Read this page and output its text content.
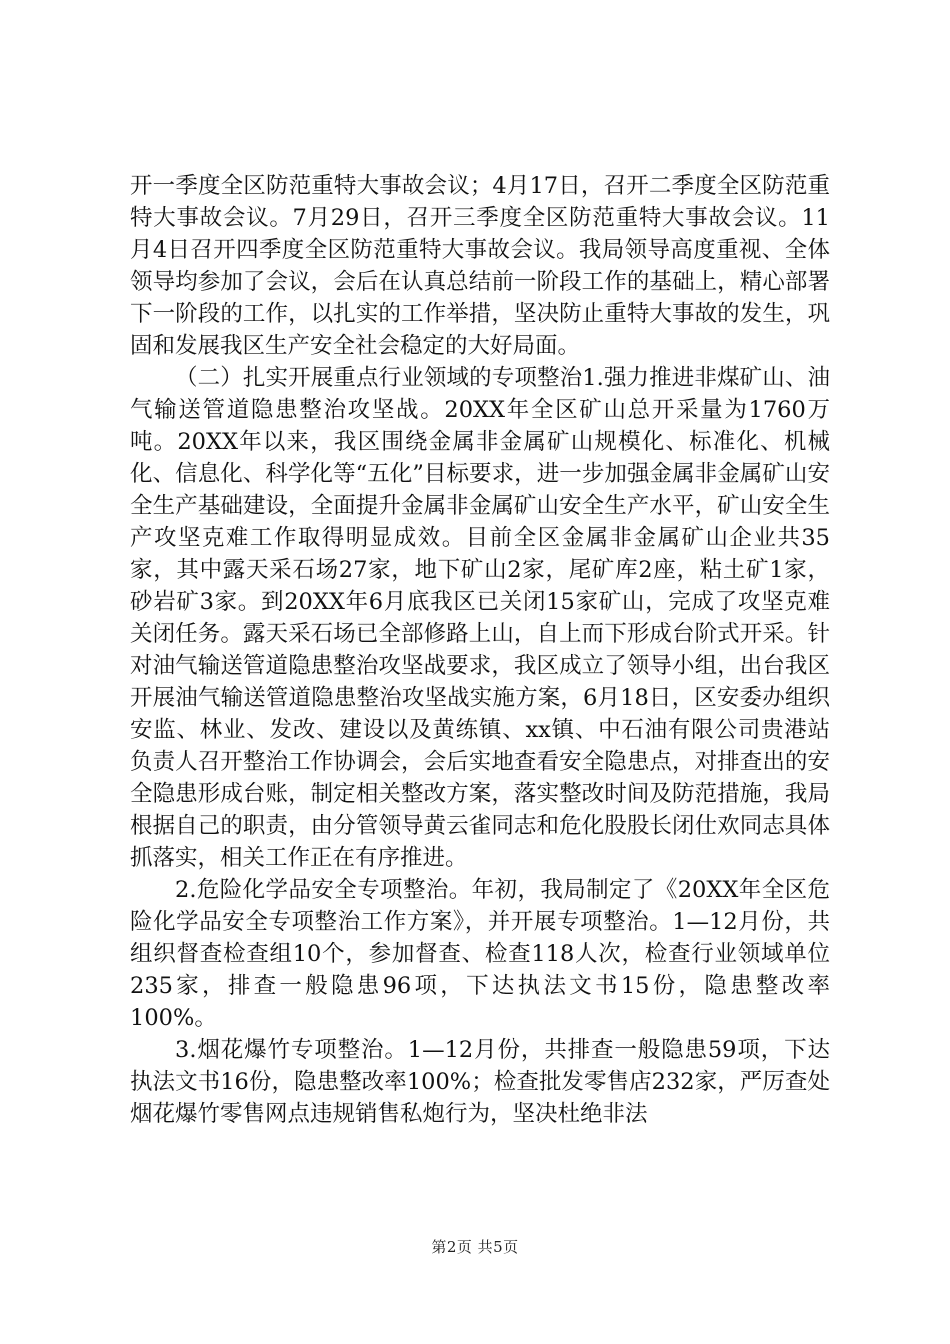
开一季度全区防范重特大事故会议；4月17日，召开二季度全区防范重特大事故会议。7月29日，召开三季度全区防范重特大事故会议。11月4日召开四季度全区防范重特大事故会议。我局领导高度重视、全体领导均参加了会议，会后在认真总结前一阶段工作的基础上，精心部署下一阶段的工作，以扎实的工作举措，坚决防止重特大事故的发生，巩固和发展我区生产安全社会稳定的大好局面。

（二）扎实开展重点行业领域的专项整治1.强力推进非煤矿山、油气输送管道隐患整治攻坚战。20XX年全区矿山总开采量为1760万吨。20XX年以来，我区围绕金属非金属矿山规模化、标准化、机械化、信息化、科学化等“五化”目标要求，进一步加强金属非金属矿山安全生产基础建设，全面提升金属非金属矿山安全生产水平，矿山安全生产攻坚克难工作取得明显成效。目前全区金属非金属矿山企业共35家，其中露天采石场27家，地下矿山2家，尾矿库2座，粘土矿1家，砂岩矿3家。到20XX年6月底我区已关闭15家矿山，完成了攻坚克难关闭任务。露天采石场已全部修路上山，自上而下形成台阶式开采。针对油气输送管道隐患整治攻坚战要求，我区成立了领导小组，出台我区开展油气输送管道隐患整治攻坚战实施方案，6月18日，区安委办组织安监、林业、发改、建设以及黄练镇、xx镇、中石油有限公司贵港站负责人召开整治工作协调会，会后实地查看安全隐患点，对排查出的安全隐患形成台账，制定相关整改方案，落实整改时间及防范措施，我局根据自己的职责，由分管领导黄云雀同志和危化股股长闭仕欢同志具体抓落实，相关工作正在有序推进。

2.危险化学品安全专项整治。年初，我局制定了《20XX年全区危险化学品安全专项整治工作方案》，并开展专项整治。1—12月份，共组织督查检查组10个，参加督查、检查118人次，检查行业领域单位235家，排查一般隐患96项，下达执法文书15份，隐患整改率100%。

3.烟花爆竹专项整治。1—12月份，共排查一般隐患59项，下达执法文书16份，隐患整改率100%；检查批发零售店232家，严厉查处烟花爆竹零售网点违规销售私炮行为，坚决杜绝非法

第2页 共5页
